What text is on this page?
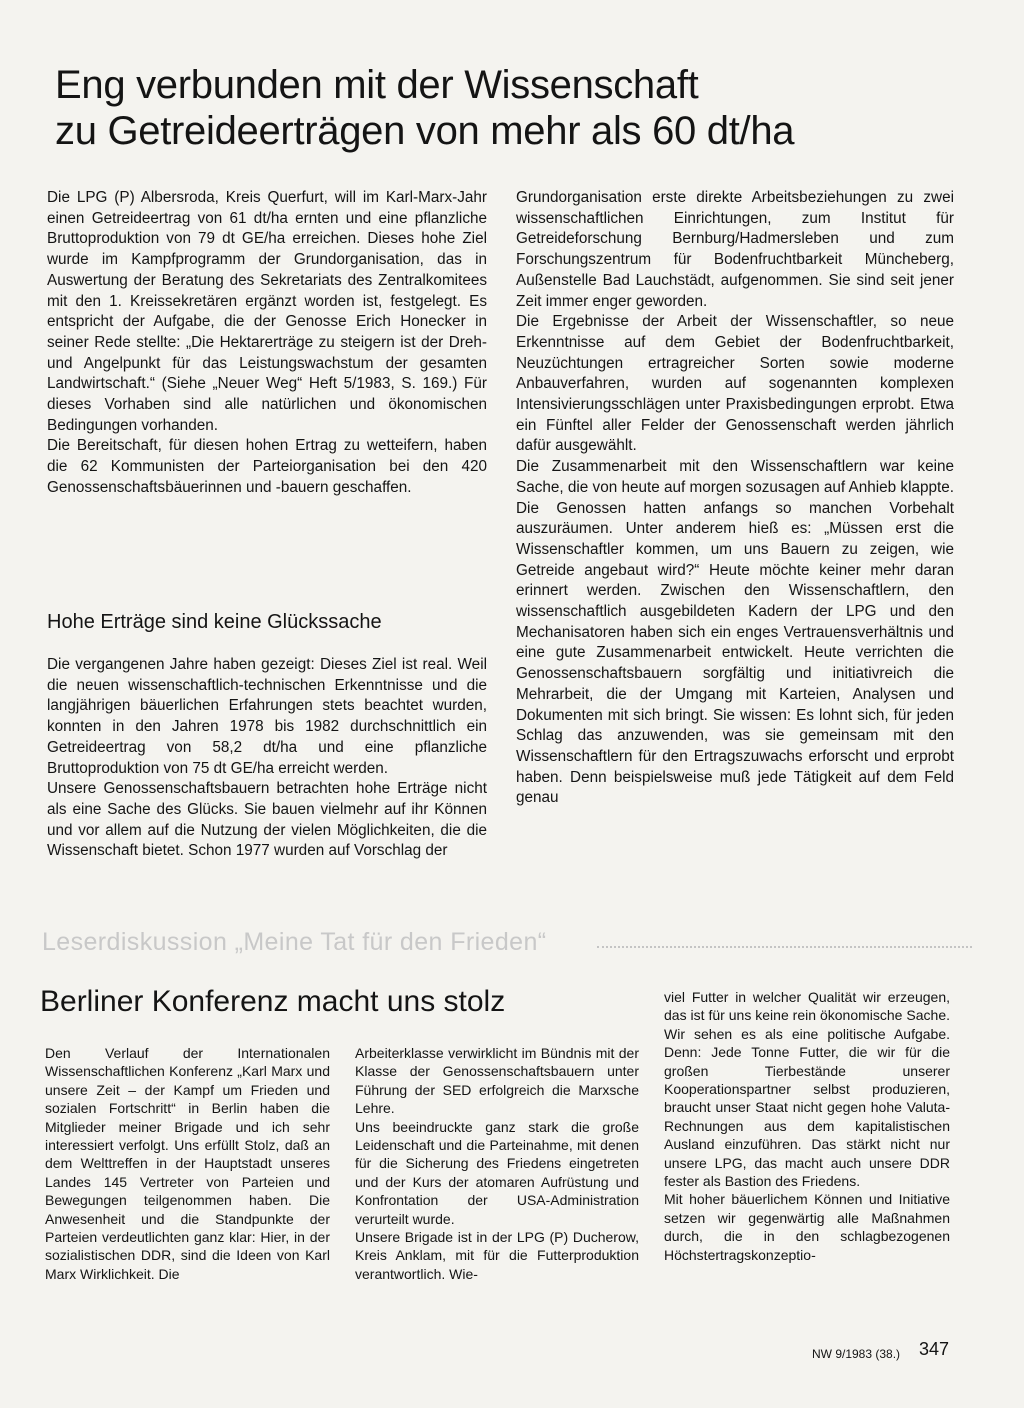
Eng verbunden mit der Wissenschaft
zu Getreideerträgen von mehr als 60 dt/ha

Die LPG (P) Albersroda, Kreis Querfurt, will im Karl-Marx-Jahr einen Getreideertrag von 61 dt/ha ernten und eine pflanzliche Bruttoproduktion von 79 dt GE/ha erreichen. Dieses hohe Ziel wurde im Kampfprogramm der Grundorganisation, das in Auswertung der Beratung des Sekretariats des Zentralkomitees mit den 1. Kreissekretären ergänzt worden ist, festgelegt. Es entspricht der Aufgabe, die der Genosse Erich Honecker in seiner Rede stellte: „Die Hektarerträge zu steigern ist der Dreh- und Angelpunkt für das Leistungswachstum der gesamten Landwirtschaft.“ (Siehe „Neuer Weg“ Heft 5/1983, S. 169.) Für dieses Vorhaben sind alle natürlichen und ökonomischen Bedingungen vorhanden.

Die Bereitschaft, für diesen hohen Ertrag zu wetteifern, haben die 62 Kommunisten der Parteiorganisation bei den 420 Genossenschaftsbäuerinnen und -bauern geschaffen.

Hohe Erträge sind keine Glückssache

Die vergangenen Jahre haben gezeigt: Dieses Ziel ist real. Weil die neuen wissenschaftlich-technischen Erkenntnisse und die langjährigen bäuerlichen Erfahrungen stets beachtet wurden, konnten in den Jahren 1978 bis 1982 durchschnittlich ein Getreideertrag von 58,2 dt/ha und eine pflanzliche Bruttoproduktion von 75 dt GE/ha erreicht werden.

Unsere Genossenschaftsbauern betrachten hohe Erträge nicht als eine Sache des Glücks. Sie bauen vielmehr auf ihr Können und vor allem auf die Nutzung der vielen Möglichkeiten, die die Wissenschaft bietet. Schon 1977 wurden auf Vorschlag der

Grundorganisation erste direkte Arbeitsbeziehungen zu zwei wissenschaftlichen Einrichtungen, zum Institut für Getreideforschung Bernburg/Hadmersleben und zum Forschungszentrum für Bodenfruchtbarkeit Müncheberg, Außenstelle Bad Lauchstädt, aufgenommen. Sie sind seit jener Zeit immer enger geworden.

Die Ergebnisse der Arbeit der Wissenschaftler, so neue Erkenntnisse auf dem Gebiet der Bodenfruchtbarkeit, Neuzüchtungen ertragreicher Sorten sowie moderne Anbauverfahren, wurden auf sogenannten komplexen Intensivierungsschlägen unter Praxisbedingungen erprobt. Etwa ein Fünftel aller Felder der Genossenschaft werden jährlich dafür ausgewählt.

Die Zusammenarbeit mit den Wissenschaftlern war keine Sache, die von heute auf morgen sozusagen auf Anhieb klappte. Die Genossen hatten anfangs so manchen Vorbehalt auszuräumen. Unter anderem hieß es: „Müssen erst die Wissenschaftler kommen, um uns Bauern zu zeigen, wie Getreide angebaut wird?“ Heute möchte keiner mehr daran erinnert werden. Zwischen den Wissenschaftlern, den wissenschaftlich ausgebildeten Kadern der LPG und den Mechanisatoren haben sich ein enges Vertrauensverhältnis und eine gute Zusammenarbeit entwickelt. Heute verrichten die Genossenschaftsbauern sorgfältig und initiativreich die Mehrarbeit, die der Umgang mit Karteien, Analysen und Dokumenten mit sich bringt. Sie wissen: Es lohnt sich, für jeden Schlag das anzuwenden, was sie gemeinsam mit den Wissenschaftlern für den Ertragszuwachs erforscht und erprobt haben. Denn beispielsweise muß jede Tätigkeit auf dem Feld genau

Leserdiskussion „Meine Tat für den Frieden“
Berliner Konferenz macht uns stolz

Den Verlauf der Internationalen Wissenschaftlichen Konferenz „Karl Marx und unsere Zeit – der Kampf um Frieden und sozialen Fortschritt“ in Berlin haben die Mitglieder meiner Brigade und ich sehr interessiert verfolgt. Uns erfüllt Stolz, daß an dem Welttreffen in der Hauptstadt unseres Landes 145 Vertreter von Parteien und Bewegungen teilgenommen haben. Die Anwesenheit und die Standpunkte der Parteien verdeutlichten ganz klar: Hier, in der sozialistischen DDR, sind die Ideen von Karl Marx Wirklichkeit. Die

Arbeiterklasse verwirklicht im Bündnis mit der Klasse der Genossenschaftsbauern unter Führung der SED erfolgreich die Marxsche Lehre.

Uns beeindruckte ganz stark die große Leidenschaft und die Parteinahme, mit denen für die Sicherung des Friedens eingetreten und der Kurs der atomaren Aufrüstung und Konfrontation der USA-Administration verurteilt wurde.

Unsere Brigade ist in der LPG (P) Ducherow, Kreis Anklam, mit für die Futterproduktion verantwortlich. Wie-

viel Futter in welcher Qualität wir erzeugen, das ist für uns keine rein ökonomische Sache. Wir sehen es als eine politische Aufgabe. Denn: Jede Tonne Futter, die wir für die großen Tierbestände unserer Kooperationspartner selbst produzieren, braucht unser Staat nicht gegen hohe Valuta-Rechnungen aus dem kapitalistischen Ausland einzuführen. Das stärkt nicht nur unsere LPG, das macht auch unsere DDR fester als Bastion des Friedens.

Mit hoher bäuerlichem Können und Initiative setzen wir gegenwärtig alle Maßnahmen durch, die in den schlagbezogenen Höchstertragskonzeptio-

NW 9/1983 (38.) 347
